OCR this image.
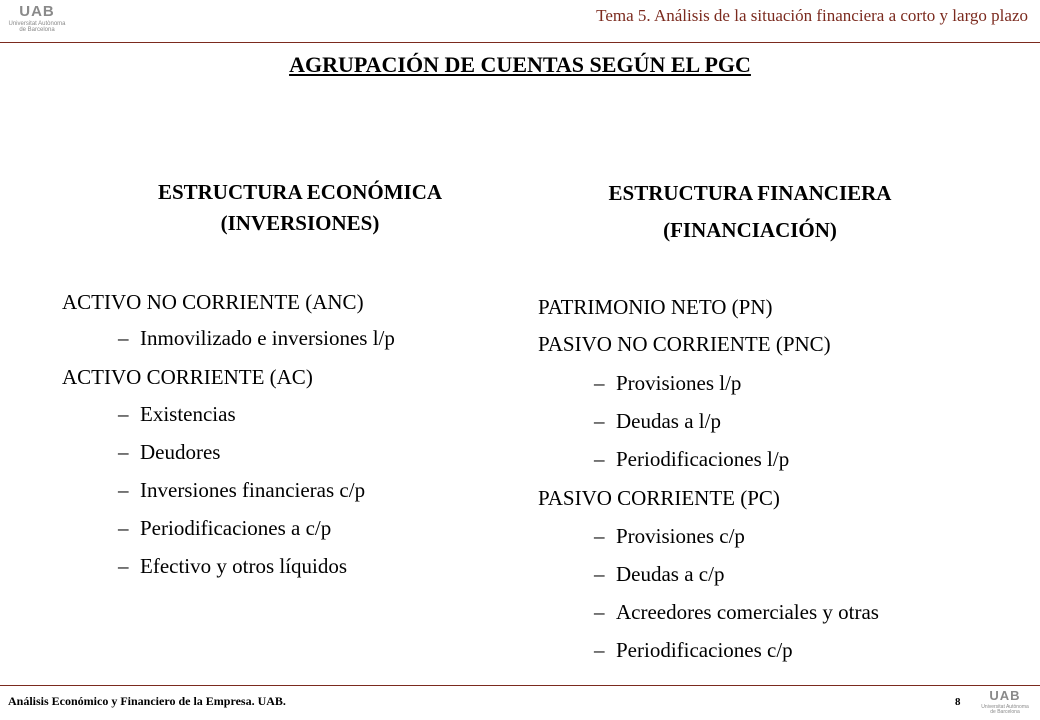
UAB
Universitat Autònoma de Barcelona
Tema 5. Análisis de la situación financiera a corto y largo plazo
AGRUPACIÓN DE CUENTAS SEGÚN EL PGC
ESTRUCTURA ECONÓMICA
(INVERSIONES)
ACTIVO NO CORRIENTE (ANC)
– Inmovilizado e inversiones l/p
ACTIVO CORRIENTE (AC)
– Existencias
– Deudores
– Inversiones financieras c/p
– Periodificaciones a c/p
– Efectivo y otros líquidos
ESTRUCTURA FINANCIERA
(FINANCIACIÓN)
PATRIMONIO NETO (PN)
PASIVO NO CORRIENTE (PNC)
– Provisiones l/p
– Deudas a l/p
– Periodificaciones l/p
PASIVO CORRIENTE (PC)
– Provisiones c/p
– Deudas a c/p
– Acreedores comerciales y otras
– Periodificaciones c/p
Análisis Económico y Financiero de la Empresa. UAB.	8	UAB
Universitat Autònoma de Barcelona
